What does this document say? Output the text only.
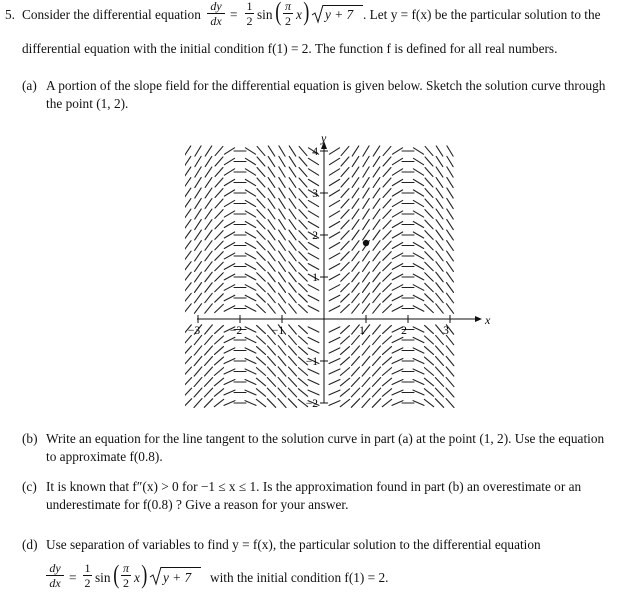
5. Consider the differential equation
dy
dx =
1
2 sin ( π
2 x ) y + 7 . Let y = f(x) be the particular solution to the
differential equation with the initial condition f(1) = 2. The function f is defined for all real numbers.
(a) A portion of the slope field for the differential equation is given below. Sketch the solution curve through
the point (1, 2).
x
y
−3	−2	−1	1	2	3
4
3
2
1
−1
−2
(b) Write an equation for the line tangent to the solution curve in part (a) at the point (1, 2). Use the equation
to approximate f(0.8).
(c) It is known that f″(x) > 0 for −1 ≤ x ≤ 1. Is the approximation found in part (b) an overestimate or an
underestimate for f(0.8) ? Give a reason for your answer.
(d) Use separation of variables to find y = f(x), the particular solution to the differential equation
dy
dx =
1
2 sin ( π
2 x ) y + 7 with the initial condition f(1) = 2.
